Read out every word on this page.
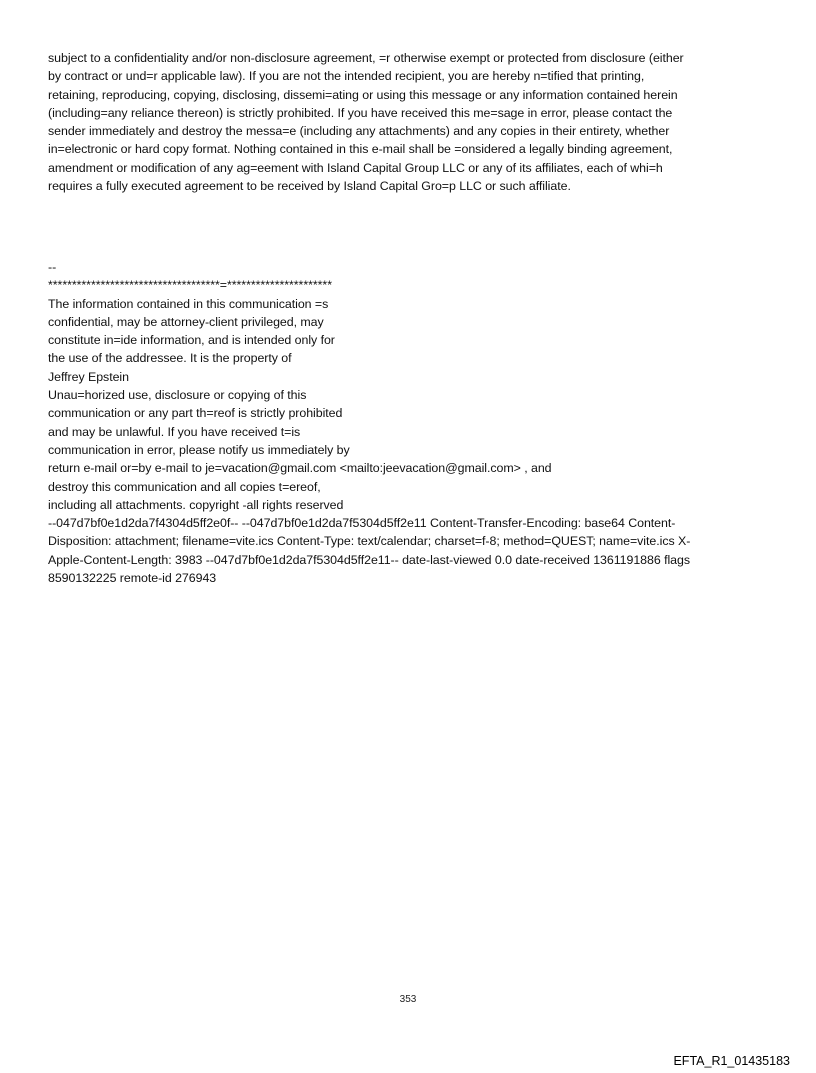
subject to a confidentiality and/or non-disclosure agreement, =r otherwise exempt or protected from disclosure (either
by contract or und=r applicable law). If you are not the intended recipient, you are hereby n=tified that printing,
retaining, reproducing, copying, disclosing, dissemi=ating or using this message or any information contained herein
(including=any reliance thereon) is strictly prohibited. If you have received this me=sage in error, please contact the
sender immediately and destroy the messa=e (including any attachments) and any copies in their entirety, whether
in=electronic or hard copy format. Nothing contained in this e-mail shall be =onsidered a legally binding agreement,
amendment or modification of any ag=eement with Island Capital Group LLC or any of its affiliates, each of whi=h
requires a fully executed agreement to be received by Island Capital Gro=p LLC or such affiliate.
--
************************************=**********************
The information contained in this communication =s
confidential, may be attorney-client privileged, may
constitute in=ide information, and is intended only for
the use of the addressee. It is the property of
Jeffrey Epstein
Unau=horized use, disclosure or copying of this
communication or any part th=reof is strictly prohibited
and may be unlawful. If you have received t=is
communication in error, please notify us immediately by
return e-mail or=by e-mail to je=vacation@gmail.com <mailto:jeevacation@gmail.com> , and
destroy this communication and all copies t=ereof,
including all attachments. copyright -all rights reserved
--047d7bf0e1d2da7f4304d5ff2e0f-- --047d7bf0e1d2da7f5304d5ff2e11 Content-Transfer-Encoding: base64 Content-
Disposition: attachment; filename=vite.ics Content-Type: text/calendar; charset=f-8; method=QUEST; name=vite.ics X-
Apple-Content-Length: 3983 --047d7bf0e1d2da7f5304d5ff2e11-- date-last-viewed 0.0 date-received 1361191886 flags
8590132225 remote-id 276943
353
EFTA_R1_01435183
